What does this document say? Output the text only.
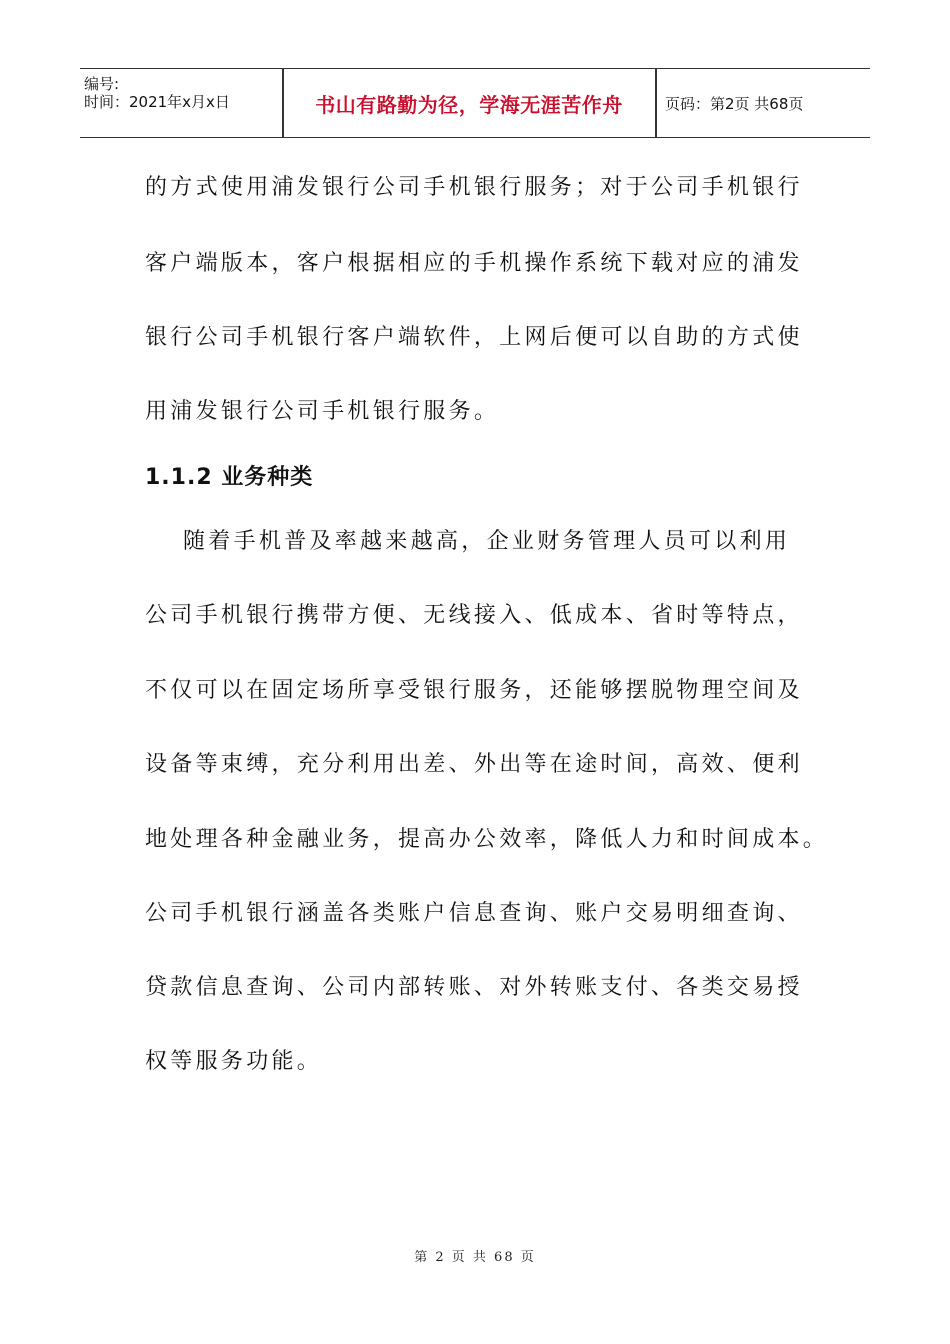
编号:
时间：2021年x月x日	书山有路勤为径，学海无涯苦作舟	页码：第2页 共68页
的方式使用浦发银行公司手机银行服务；对于公司手机银行
客户端版本，客户根据相应的手机操作系统下载对应的浦发
银行公司手机银行客户端软件，上网后便可以自助的方式使
用浦发银行公司手机银行服务。
1.1.2 业务种类
随着手机普及率越来越高，企业财务管理人员可以利用
公司手机银行携带方便、无线接入、低成本、省时等特点，
不仅可以在固定场所享受银行服务，还能够摆脱物理空间及
设备等束缚，充分利用出差、外出等在途时间，高效、便利
地处理各种金融业务，提高办公效率，降低人力和时间成本。
公司手机银行涵盖各类账户信息查询、账户交易明细查询、
贷款信息查询、公司内部转账、对外转账支付、各类交易授
权等服务功能。
第 2 页 共 68 页
